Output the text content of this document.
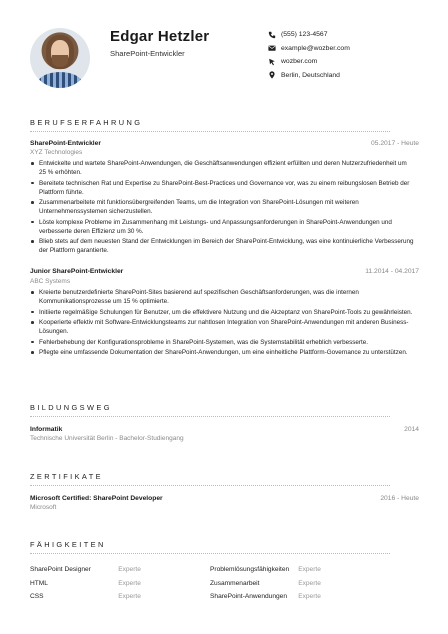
Edgar Hetzler
SharePoint-Entwickler
(555) 123-4567
example@wozber.com
wozber.com
Berlin, Deutschland
BERUFSERFAHRUNG
SharePoint-Entwickler	05.2017 - Heute
XYZ Technologies
Entwickelte und wartete SharePoint-Anwendungen, die Geschäftsanwendungen effizient erfüllten und deren Nutzerzufriedenheit um 25 % erhöhten.
Bereitete technischen Rat und Expertise zu SharePoint-Best-Practices und Governance vor, was zu einem reibungslosen Betrieb der Plattform führte.
Zusammenarbeitete mit funktionsübergreifenden Teams, um die Integration von SharePoint-Lösungen mit weiteren Unternehmenssystemen sicherzustellen.
Löste komplexe Probleme im Zusammenhang mit Leistungs- und Anpassungsanforderungen in SharePoint-Anwendungen und verbesserte deren Effizienz um 30 %.
Blieb stets auf dem neuesten Stand der Entwicklungen im Bereich der SharePoint-Entwicklung, was eine kontinuierliche Verbesserung der Plattform garantierte.
Junior SharePoint-Entwickler	11.2014 - 04.2017
ABC Systems
Kreierte benutzerdefinierte SharePoint-Sites basierend auf spezifischen Geschäftsanforderungen, was die internen Kommunikationsprozesse um 15 % optimierte.
Initiierte regelmäßige Schulungen für Benutzer, um die effektivere Nutzung und die Akzeptanz von SharePoint-Tools zu gewährleisten.
Kooperierte effektiv mit Software-Entwicklungsteams zur nahtlosen Integration von SharePoint-Anwendungen mit anderen Business-Lösungen.
Fehlerbehebung der Konfigurationsprobleme in SharePoint-Systemen, was die Systemstabilität erheblich verbesserte.
Pflegte eine umfassende Dokumentation der SharePoint-Anwendungen, um eine einheitliche Plattform-Governance zu unterstützen.
BILDUNGSWEG
Informatik	2014
Technische Universität Berlin - Bachelor-Studiengang
ZERTIFIKATE
Microsoft Certified: SharePoint Developer	2016 - Heute
Microsoft
FÄHIGKEITEN
SharePoint Designer	Experte	Problemlösungsfähigkeiten	Experte
HTML	Experte	Zusammenarbeit	Experte
CSS	Experte	SharePoint-Anwendungen	Experte
